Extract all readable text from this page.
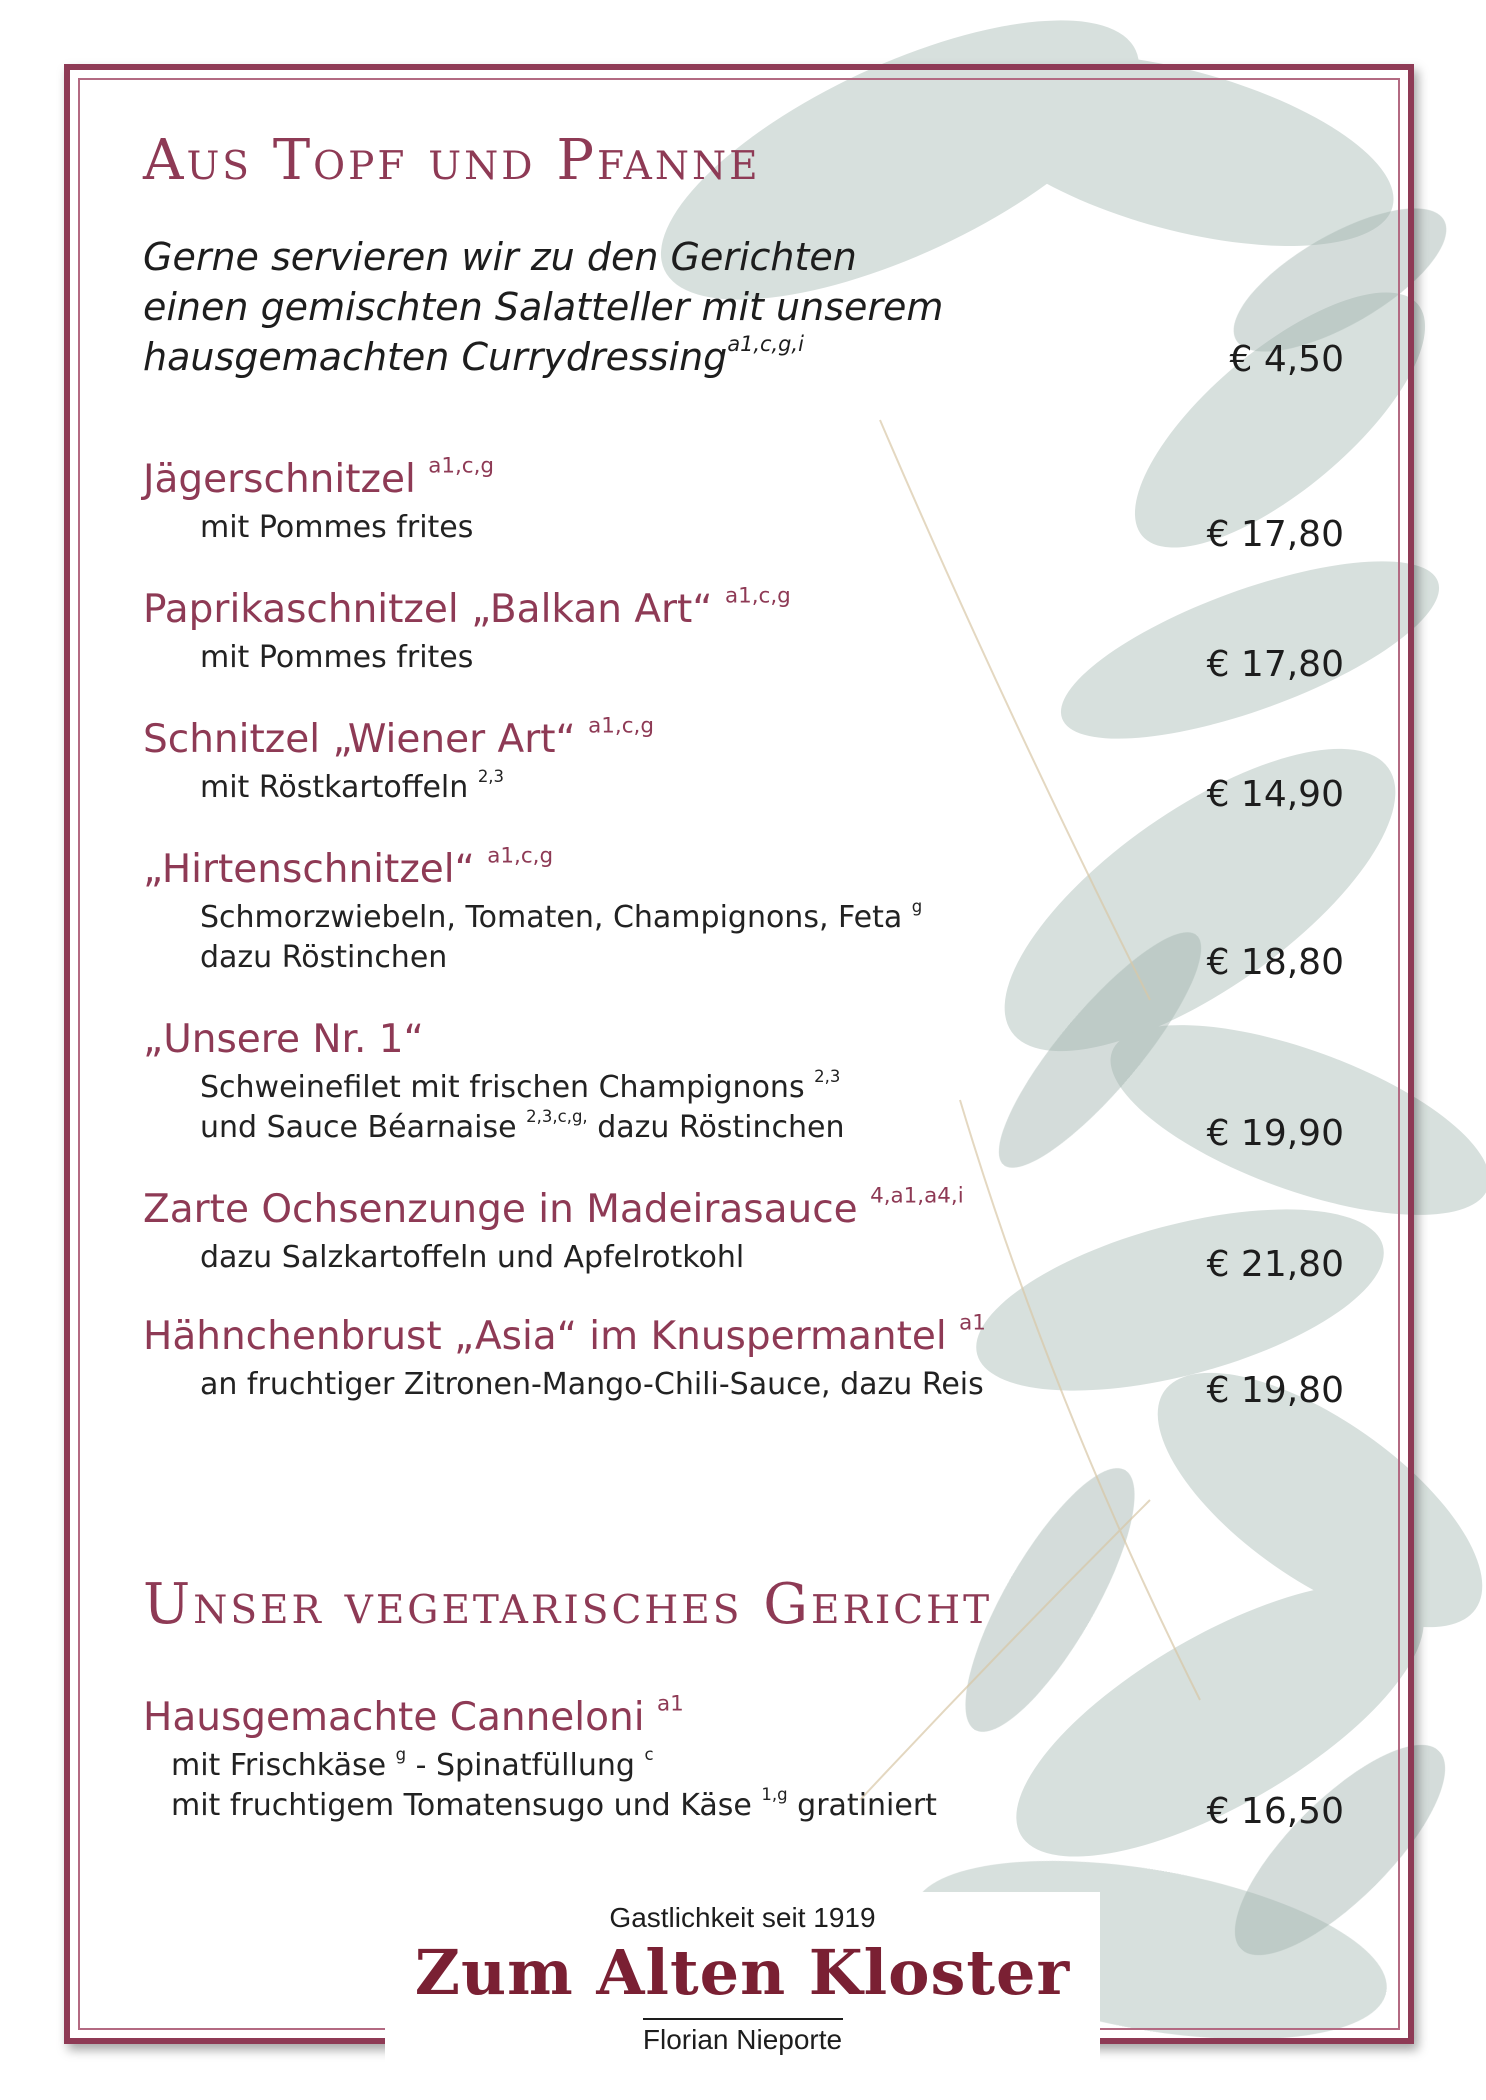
Aus Topf und Pfanne
Gerne servieren wir zu den Gerichten
einen gemischten Salatteller mit unserem
hausgemachten Currydressing$^{a1,c,g,i}$	€ 4,50
Jägerschnitzel $^{a1,c,g}$
mit Pommes frites	€ 17,80
Paprikaschnitzel „Balkan Art“ $^{a1,c,g}$
mit Pommes frites	€ 17,80
Schnitzel „Wiener Art“ $^{a1,c,g}$
mit Röstkartoffeln $^{2,3}$	€ 14,90
„Hirtenschnitzel“ $^{a1,c,g}$
Schmorzwiebeln, Tomaten, Champignons, Feta $^g$
dazu Röstinchen	€ 18,80
„Unsere Nr. 1“
Schweinefilet mit frischen Champignons $^{2,3}$
und Sauce Béarnaise $^{2,3,c,g,}$ dazu Röstinchen	€ 19,90
Zarte Ochsenzunge in Madeirasauce $^{4,a1,a4,i}$
dazu Salzkartoffeln und Apfelrotkohl	€ 21,80
Hähnchenbrust „Asia“ im Knuspermantel $^{a1}$
an fruchtiger Zitronen-Mango-Chili-Sauce, dazu Reis	€ 19,80
Unser vegetarisches Gericht
Hausgemachte Canneloni $^{a1}$
mit Frischkäse $^g$ - Spinatfüllung $^c$
mit fruchtigem Tomatensugo und Käse $^{1,g}$ gratiniert	€ 16,50
Gastlichkeit seit 1919
Zum Alten Kloster
Florian Nieporte
